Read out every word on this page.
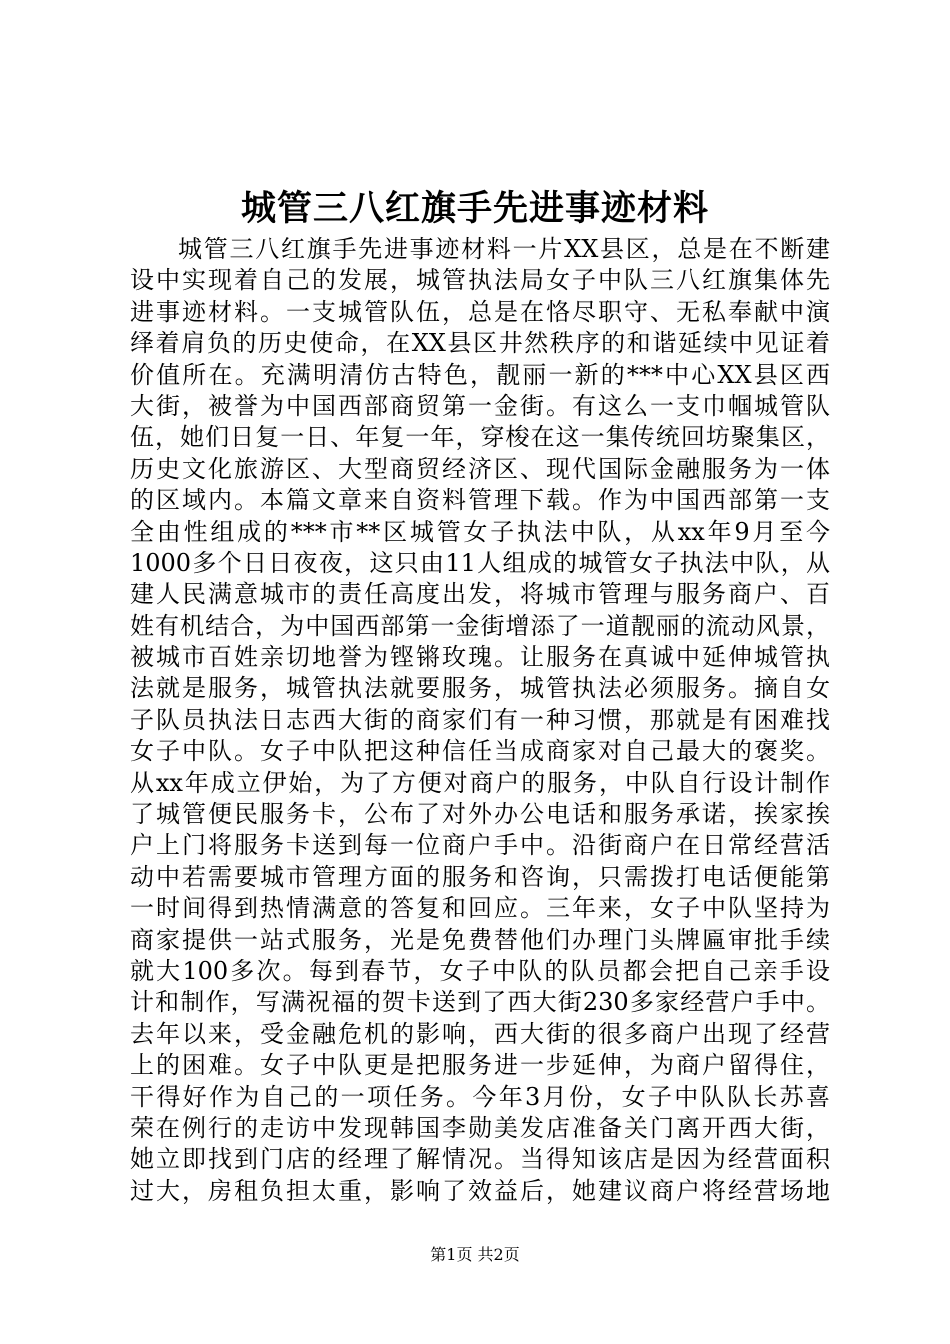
城管三八红旗手先进事迹材料
城管三八红旗手先进事迹材料一片XX县区，总是在不断建
设中实现着自己的发展，城管执法局女子中队三八红旗集体先
进事迹材料。一支城管队伍，总是在恪尽职守、无私奉献中演
绎着肩负的历史使命，在XX县区井然秩序的和谐延续中见证着
价值所在。充满明清仿古特色，靓丽一新的***中心XX县区西
大街，被誉为中国西部商贸第一金街。有这么一支巾帼城管队
伍，她们日复一日、年复一年，穿梭在这一集传统回坊聚集区，
历史文化旅游区、大型商贸经济区、现代国际金融服务为一体
的区域内。本篇文章来自资料管理下载。作为中国西部第一支
全由性组成的***市**区城管女子执法中队，从xx年9月至今
1000多个日日夜夜，这只由11人组成的城管女子执法中队，从
建人民满意城市的责任高度出发，将城市管理与服务商户、百
姓有机结合，为中国西部第一金街增添了一道靓丽的流动风景，
被城市百姓亲切地誉为铿锵玫瑰。让服务在真诚中延伸城管执
法就是服务，城管执法就要服务，城管执法必须服务。摘自女
子队员执法日志西大街的商家们有一种习惯，那就是有困难找
女子中队。女子中队把这种信任当成商家对自己最大的褒奖。
从xx年成立伊始，为了方便对商户的服务，中队自行设计制作
了城管便民服务卡，公布了对外办公电话和服务承诺，挨家挨
户上门将服务卡送到每一位商户手中。沿街商户在日常经营活
动中若需要城市管理方面的服务和咨询，只需拨打电话便能第
一时间得到热情满意的答复和回应。三年来，女子中队坚持为
商家提供一站式服务，光是免费替他们办理门头牌匾审批手续
就大100多次。每到春节，女子中队的队员都会把自己亲手设
计和制作，写满祝福的贺卡送到了西大街230多家经营户手中。
去年以来，受金融危机的影响，西大街的很多商户出现了经营
上的困难。女子中队更是把服务进一步延伸，为商户留得住，
干得好作为自己的一项任务。今年3月份，女子中队队长苏喜
荣在例行的走访中发现韩国李勋美发店准备关门离开西大街，
她立即找到门店的经理了解情况。当得知该店是因为经营面积
过大，房租负担太重，影响了效益后，她建议商户将经营场地
第1页 共2页
